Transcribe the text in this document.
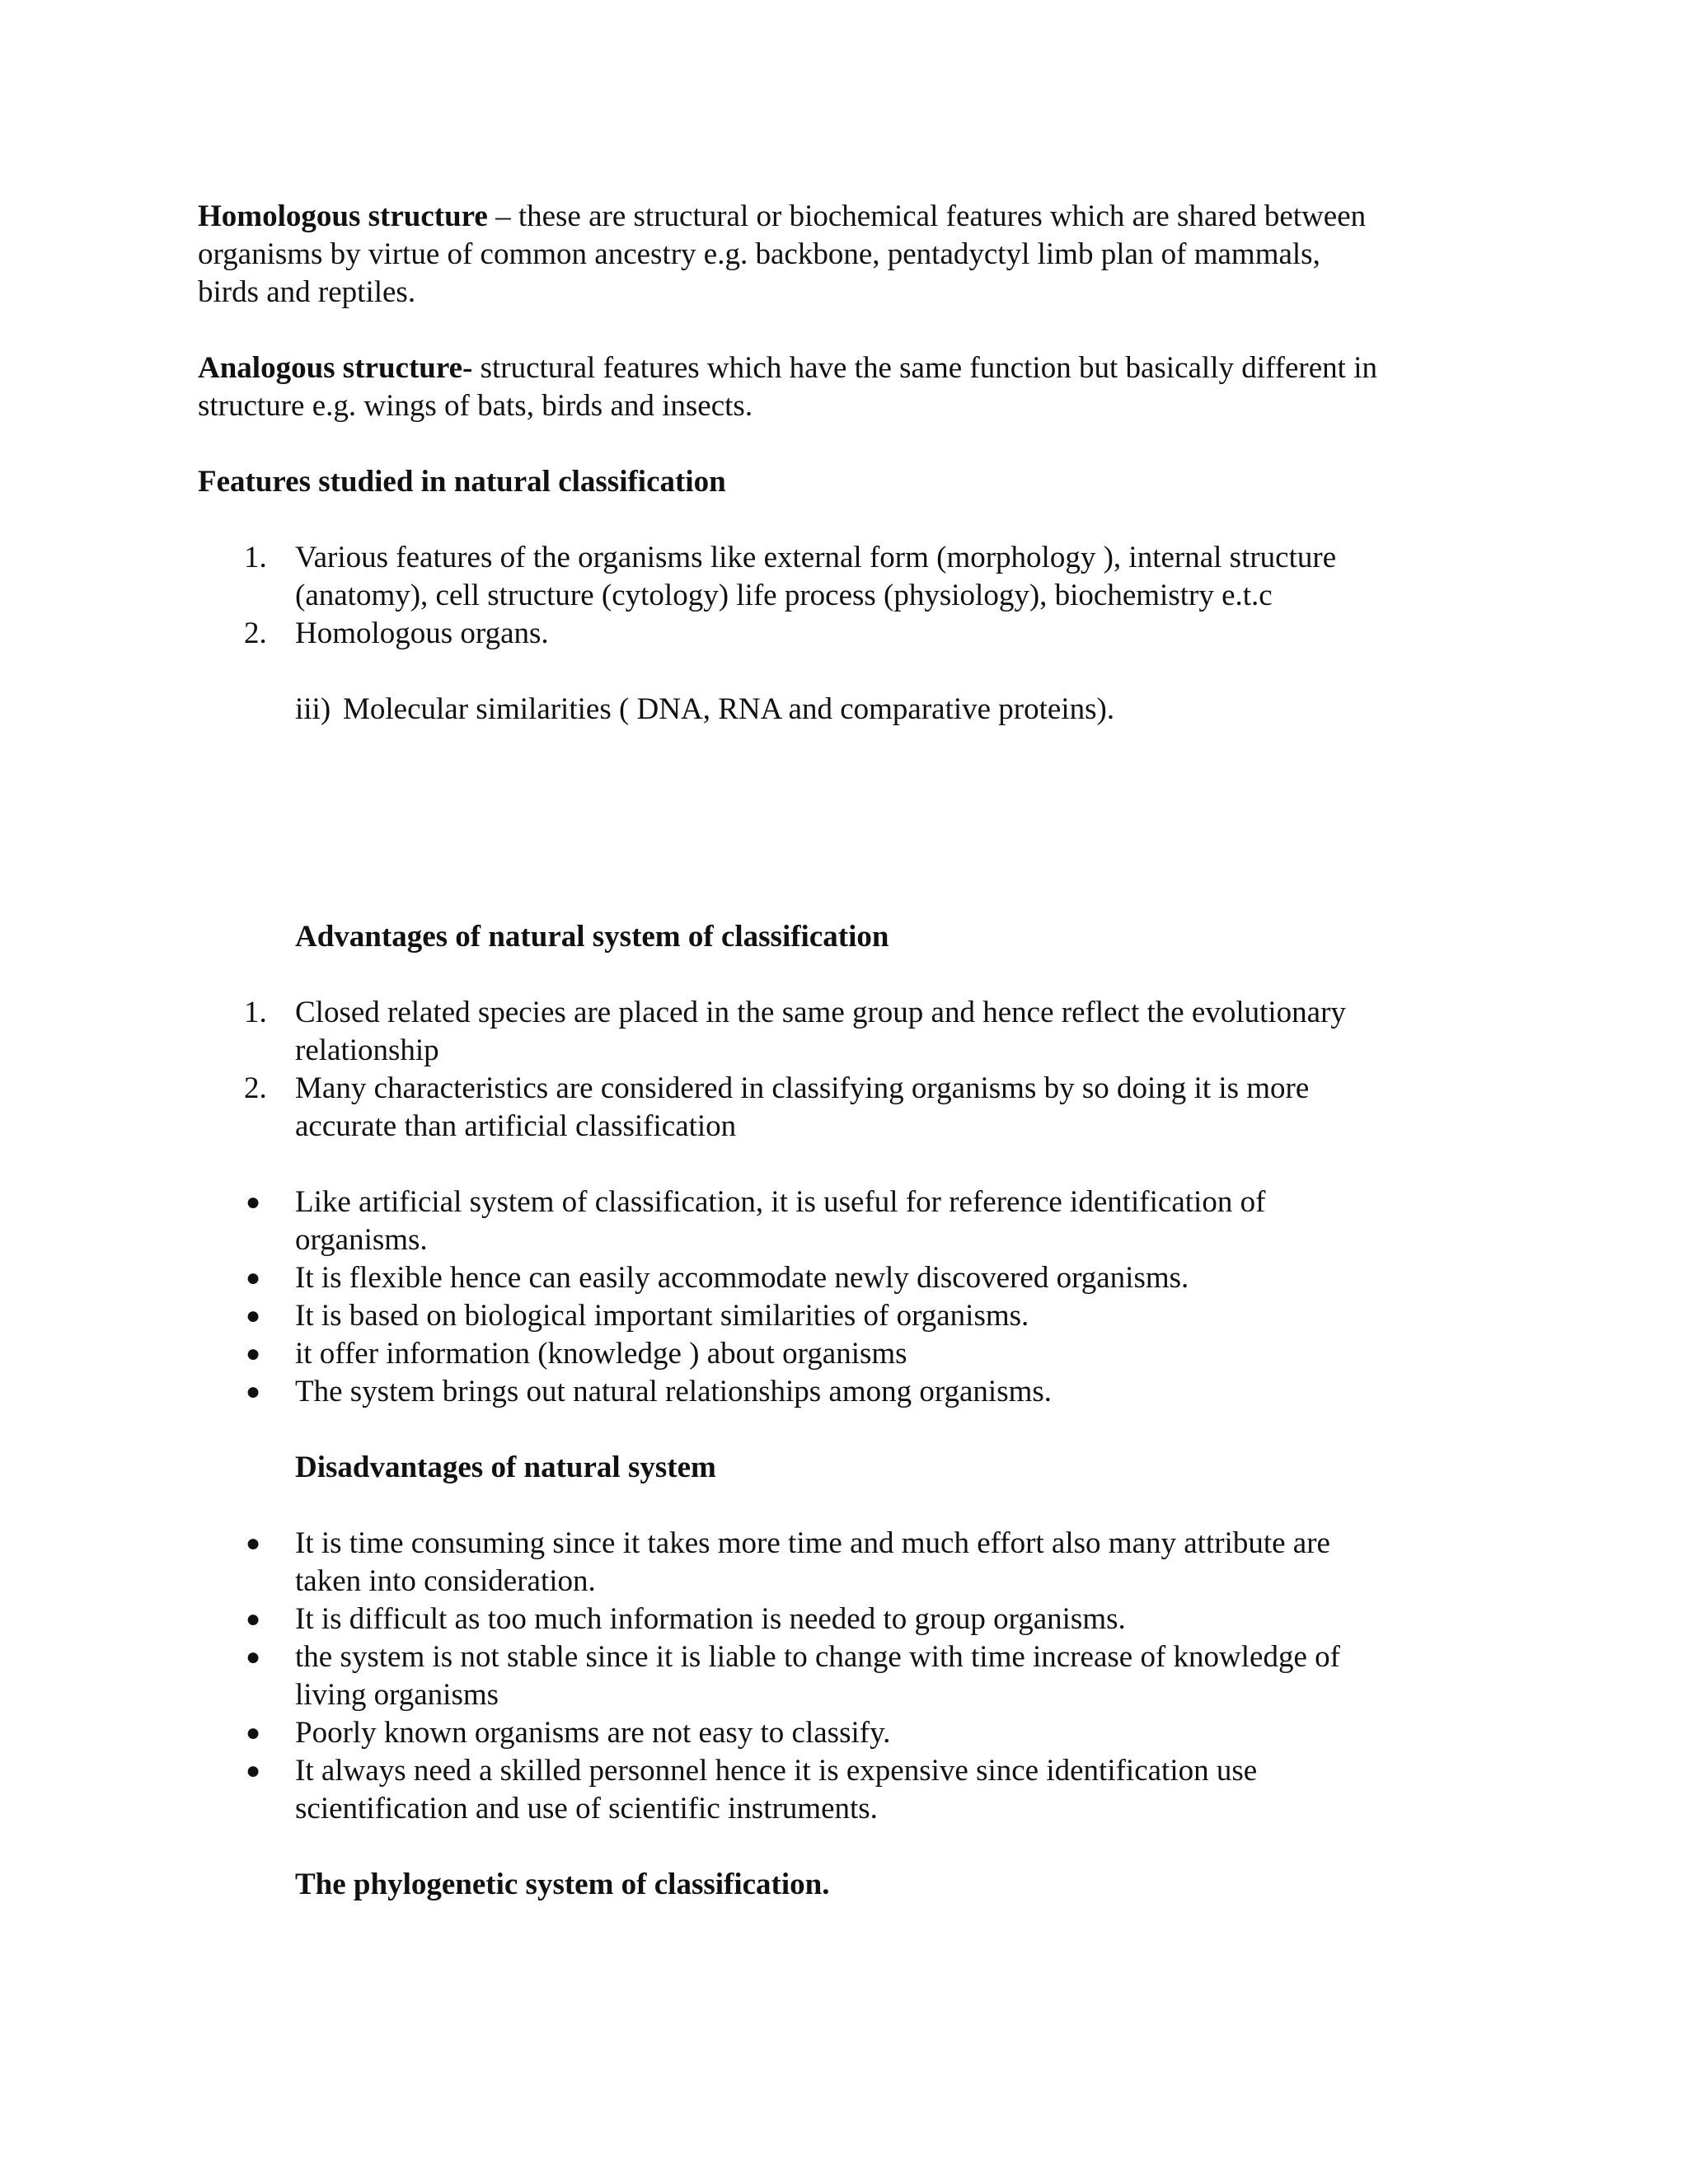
Homologous structure – these are structural or biochemical features which are shared between
organisms by virtue of common ancestry e.g. backbone, pentadyctyl limb plan of mammals,
birds and reptiles.

Analogous structure- structural features which have the same function but basically different in
structure e.g. wings of bats, birds and insects.

Features studied in natural classification

1. Various features of the organisms like external form (morphology ), internal structure
(anatomy), cell structure (cytology) life process (physiology), biochemistry e.t.c
2. Homologous organs.

iii) Molecular similarities ( DNA, RNA and comparative proteins).

Advantages of natural system of classification

1. Closed related species are placed in the same group and hence reflect the evolutionary
relationship
2. Many characteristics are considered in classifying organisms by so doing it is more
accurate than artificial classification
● Like artificial system of classification, it is useful for reference identification of
organisms.
● It is flexible hence can easily accommodate newly discovered organisms.
● It is based on biological important similarities of organisms.
● it offer information (knowledge ) about organisms
● The system brings out natural relationships among organisms.

Disadvantages of natural system

● It is time consuming since it takes more time and much effort also many attribute are
taken into consideration.
● It is difficult as too much information is needed to group organisms.
● the system is not stable since it is liable to change with time increase of knowledge of
living organisms
● Poorly known organisms are not easy to classify.
● It always need a skilled personnel hence it is expensive since identification use
scientification and use of scientific instruments.

The phylogenetic system of classification.
